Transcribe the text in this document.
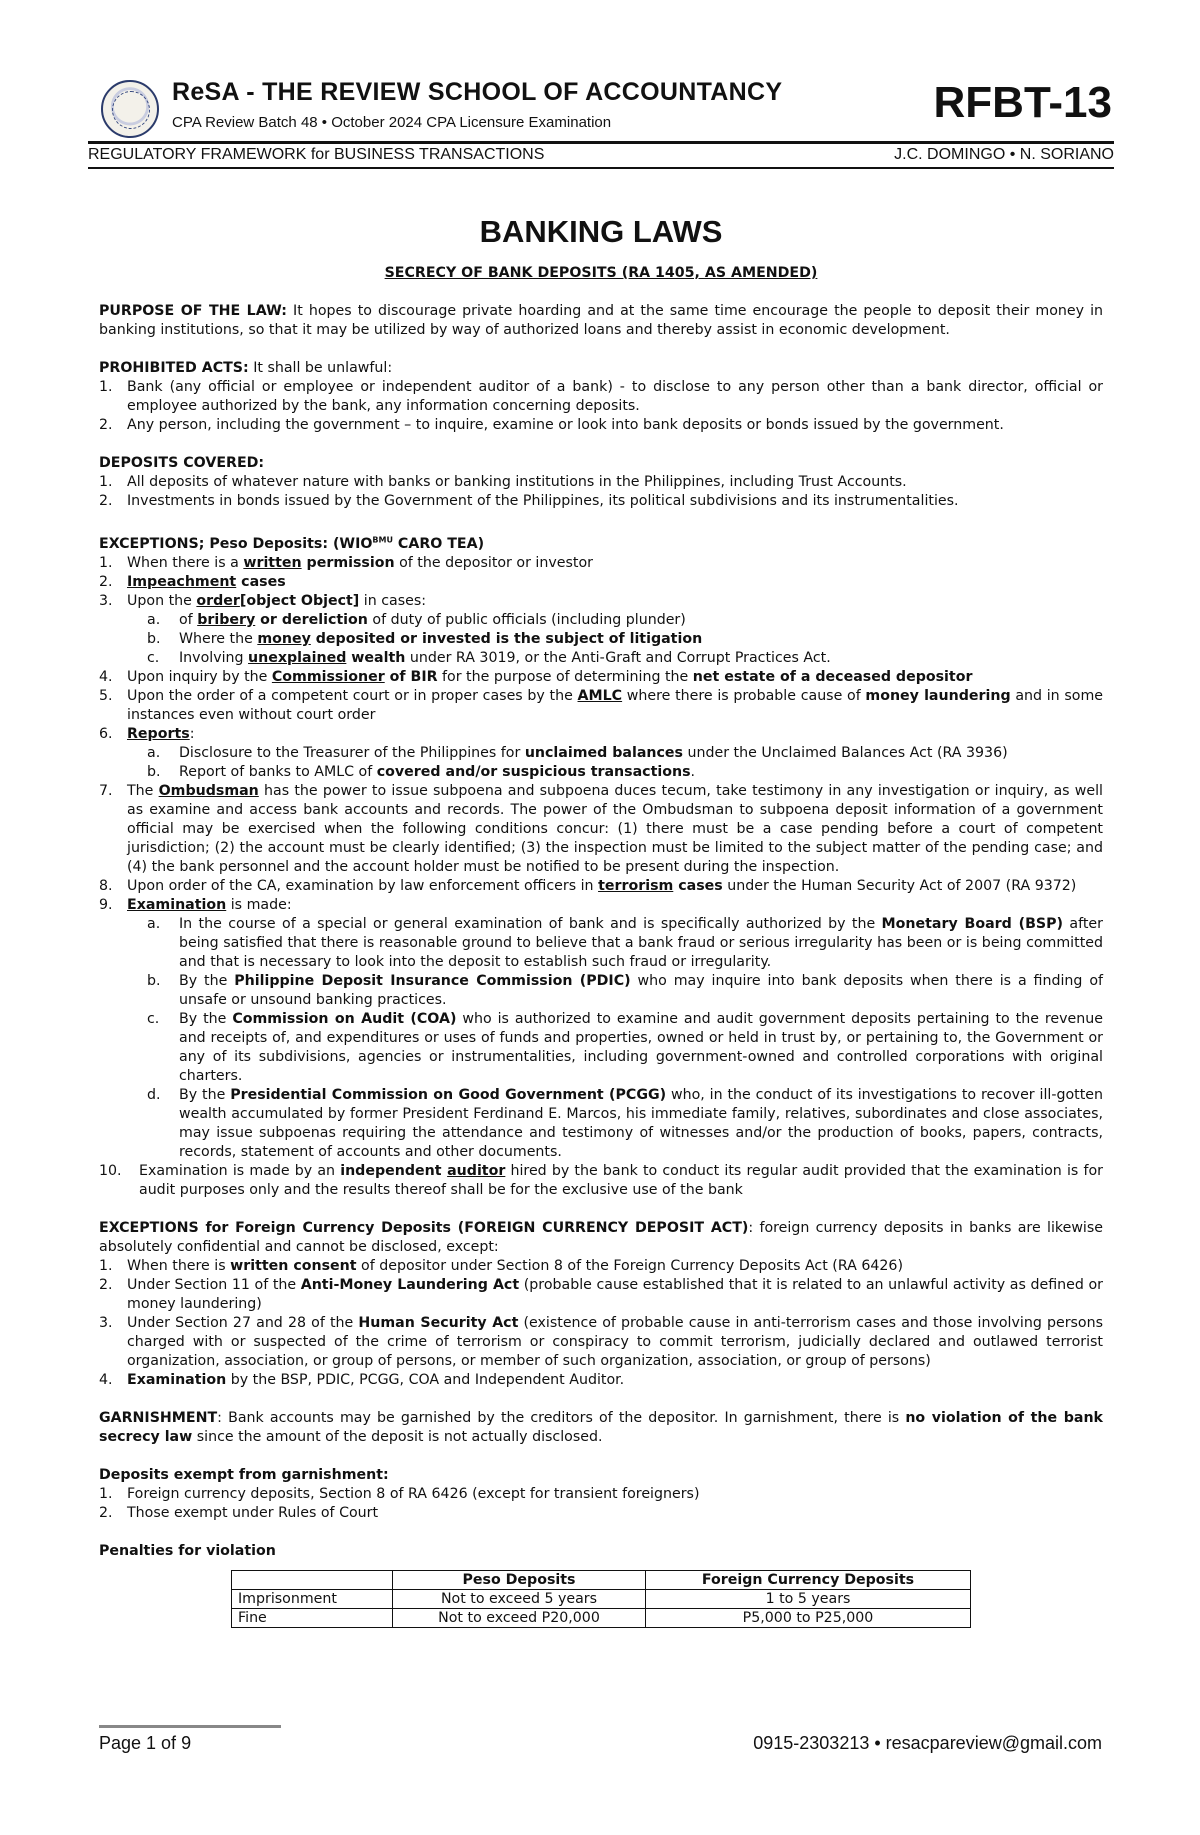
ReSA - THE REVIEW SCHOOL OF ACCOUNTANCY
CPA Review Batch 48 • October 2024 CPA Licensure Examination	RFBT-13
REGULATORY FRAMEWORK for BUSINESS TRANSACTIONS	J.C. DOMINGO • N. SORIANO
BANKING LAWS
SECRECY OF BANK DEPOSITS (RA 1405, AS AMENDED)

PURPOSE OF THE LAW: It hopes to discourage private hoarding and at the same time encourage the people to deposit their money in banking institutions, so that it may be utilized by way of authorized loans and thereby assist in economic development.

PROHIBITED ACTS: It shall be unlawful:

1. Bank (any official or employee or independent auditor of a bank) - to disclose to any person other than a bank director, official or employee authorized by the bank, any information concerning deposits.
2. Any person, including the government – to inquire, examine or look into bank deposits or bonds issued by the government.

DEPOSITS COVERED:

1. All deposits of whatever nature with banks or banking institutions in the Philippines, including Trust Accounts.
2. Investments in bonds issued by the Government of the Philippines, its political subdivisions and its instrumentalities.

EXCEPTIONS; Peso Deposits: ($WIO^{BMU}$ CARO TEA)

1. When there is a written permission of the depositor or investor
2. Impeachment cases
3. Upon the order[object Object] in cases:
a. of bribery or dereliction of duty of public officials (including plunder)
b. Where the money deposited or invested is the subject of litigation
c. Involving unexplained wealth under RA 3019, or the Anti-Graft and Corrupt Practices Act.
4. Upon inquiry by the Commissioner of BIR for the purpose of determining the net estate of a deceased depositor
5. Upon the order of a competent court or in proper cases by the AMLC where there is probable cause of money laundering and in some instances even without court order
6. Reports:
a. Disclosure to the Treasurer of the Philippines for unclaimed balances under the Unclaimed Balances Act (RA 3936)
b. Report of banks to AMLC of covered and/or suspicious transactions.
7. The Ombudsman has the power to issue subpoena and subpoena duces tecum, take testimony in any investigation or inquiry, as well as examine and access bank accounts and records. The power of the Ombudsman to subpoena deposit information of a government official may be exercised when the following conditions concur: (1) there must be a case pending before a court of competent jurisdiction; (2) the account must be clearly identified; (3) the inspection must be limited to the subject matter of the pending case; and (4) the bank personnel and the account holder must be notified to be present during the inspection.
8. Upon order of the CA, examination by law enforcement officers in terrorism cases under the Human Security Act of 2007 (RA 9372)
9. Examination is made:
a. In the course of a special or general examination of bank and is specifically authorized by the Monetary Board (BSP) after being satisfied that there is reasonable ground to believe that a bank fraud or serious irregularity has been or is being committed and that is necessary to look into the deposit to establish such fraud or irregularity.
b. By the Philippine Deposit Insurance Commission (PDIC) who may inquire into bank deposits when there is a finding of unsafe or unsound banking practices.
c. By the Commission on Audit (COA) who is authorized to examine and audit government deposits pertaining to the revenue and receipts of, and expenditures or uses of funds and properties, owned or held in trust by, or pertaining to, the Government or any of its subdivisions, agencies or instrumentalities, including government-owned and controlled corporations with original charters.
d. By the Presidential Commission on Good Government (PCGG) who, in the conduct of its investigations to recover ill-gotten wealth accumulated by former President Ferdinand E. Marcos, his immediate family, relatives, subordinates and close associates, may issue subpoenas requiring the attendance and testimony of witnesses and/or the production of books, papers, contracts, records, statement of accounts and other documents.
10. Examination is made by an independent auditor hired by the bank to conduct its regular audit provided that the examination is for audit purposes only and the results thereof shall be for the exclusive use of the bank

EXCEPTIONS for Foreign Currency Deposits (FOREIGN CURRENCY DEPOSIT ACT): foreign currency deposits in banks are likewise absolutely confidential and cannot be disclosed, except:

1. When there is written consent of depositor under Section 8 of the Foreign Currency Deposits Act (RA 6426)
2. Under Section 11 of the Anti-Money Laundering Act (probable cause established that it is related to an unlawful activity as defined or money laundering)
3. Under Section 27 and 28 of the Human Security Act (existence of probable cause in anti-terrorism cases and those involving persons charged with or suspected of the crime of terrorism or conspiracy to commit terrorism, judicially declared and outlawed terrorist organization, association, or group of persons, or member of such organization, association, or group of persons)
4. Examination by the BSP, PDIC, PCGG, COA and Independent Auditor.

GARNISHMENT: Bank accounts may be garnished by the creditors of the depositor. In garnishment, there is no violation of the bank secrecy law since the amount of the deposit is not actually disclosed.

Deposits exempt from garnishment:

1. Foreign currency deposits, Section 8 of RA 6426 (except for transient foreigners)
2. Those exempt under Rules of Court

Penalties for violation

	Peso Deposits	Foreign Currency Deposits
Imprisonment	Not to exceed 5 years	1 to 5 years
Fine	Not to exceed P20,000	P5,000 to P25,000
Page 1 of 9	0915-2303213 • resacpareview@gmail.com
